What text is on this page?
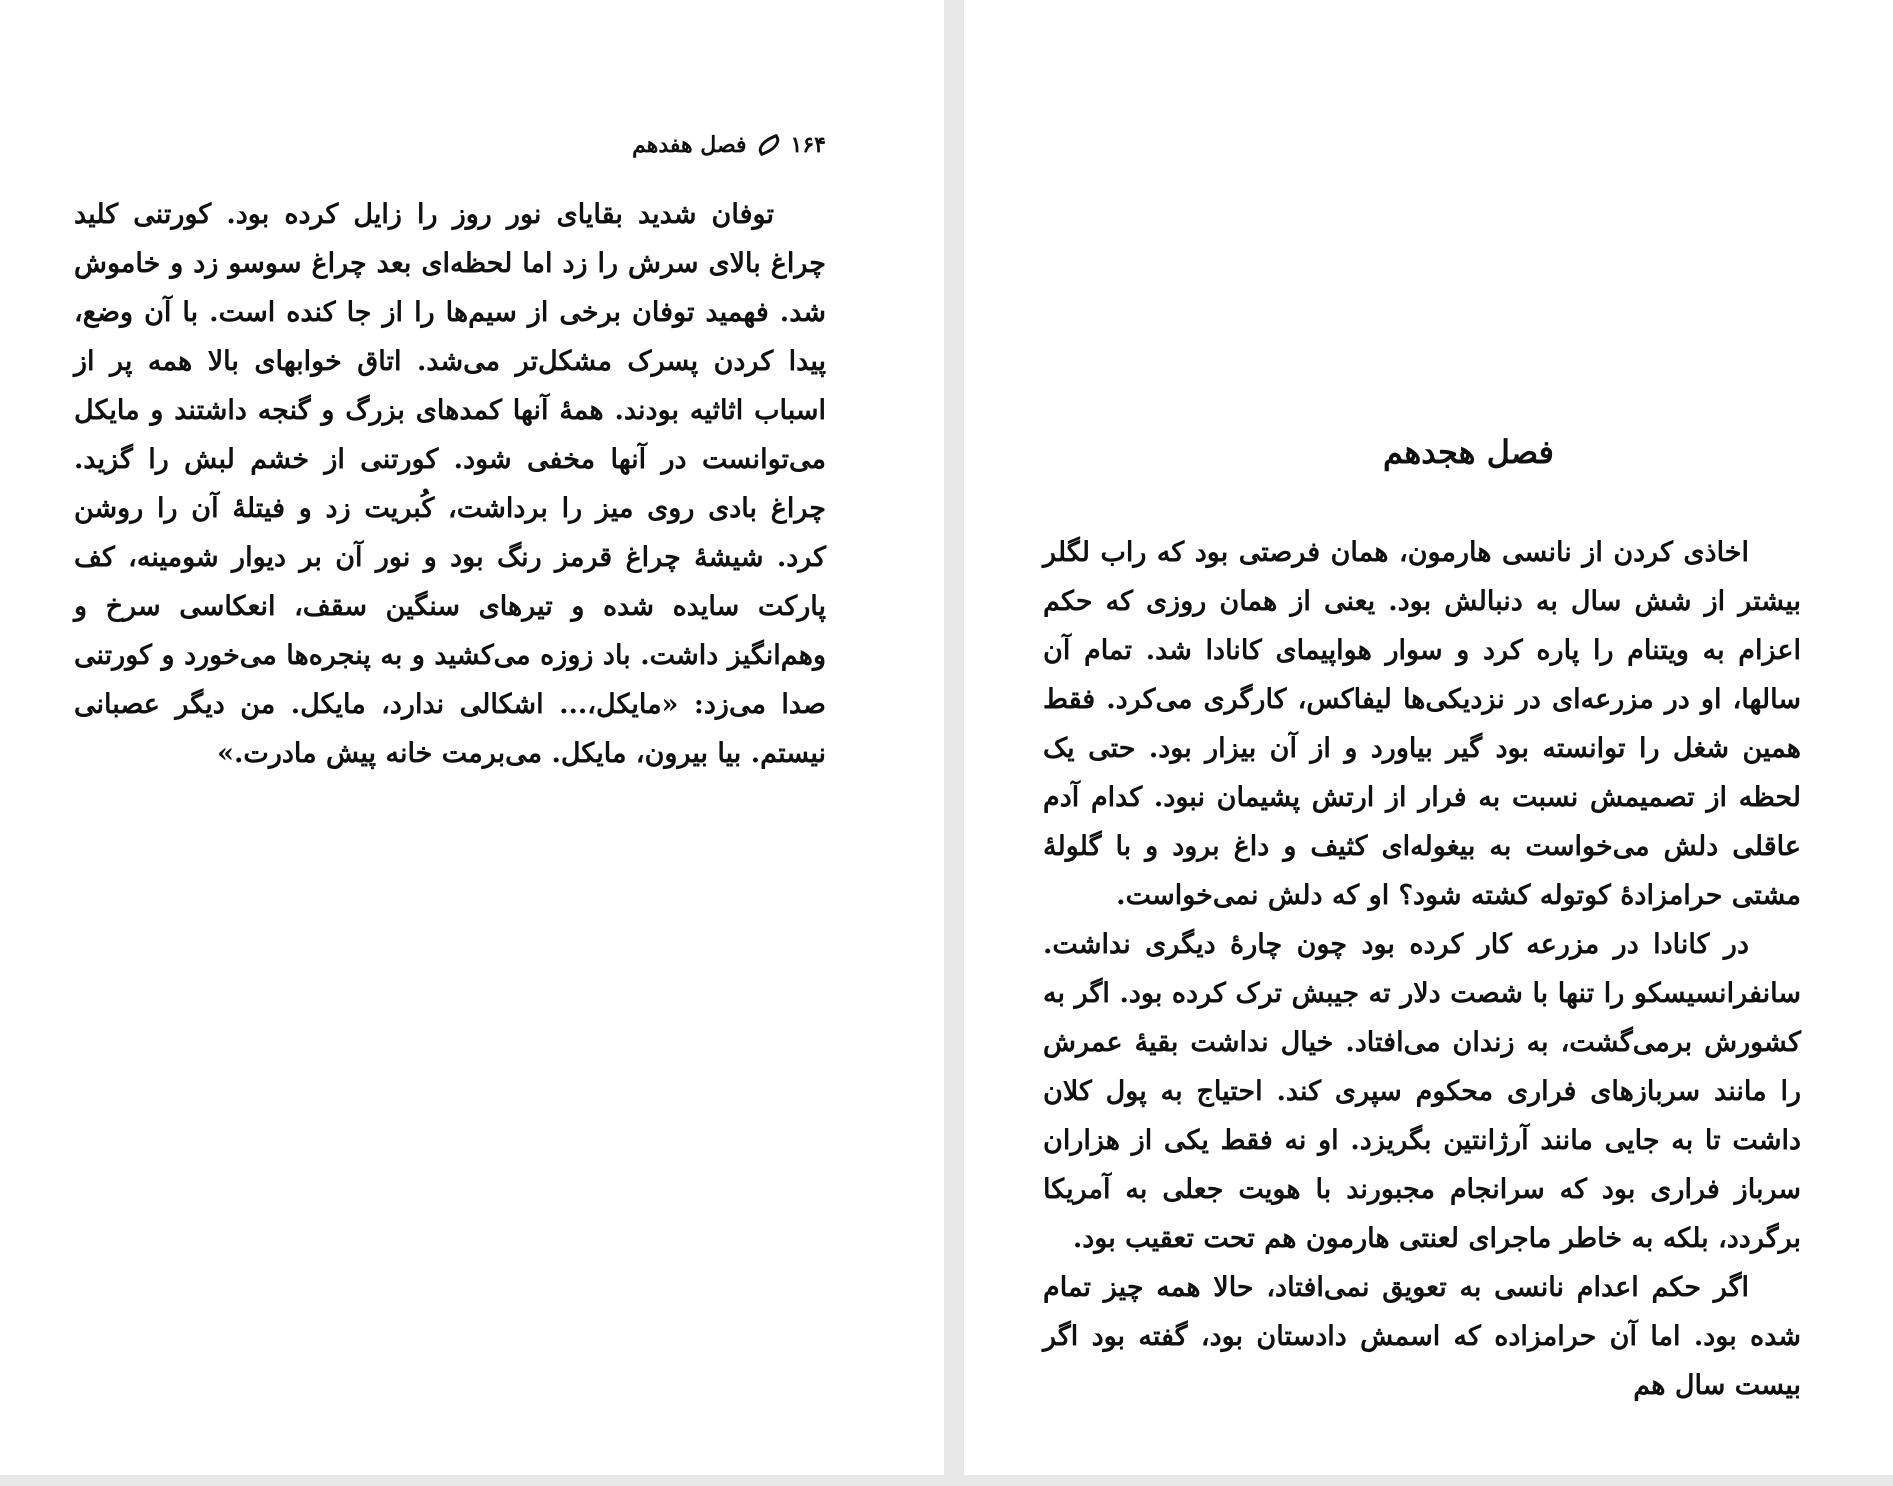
۱۶۴
فصل هفدهم

توفان شدید بقایای نور روز را زایل کرده بود. کورتنی کلید چراغ بالای سرش را زد اما لحظه‌ای بعد چراغ سوسو زد و خاموش شد. فهمید توفان برخی از سیم‌ها را از جا کنده است. با آن وضع، پیدا کردن پسرک مشکل‌تر می‌شد. اتاق خوابهای بالا همه پر از اسباب اثاثیه بودند. همهٔ آنها کمدهای بزرگ و گنجه داشتند و مایکل می‌توانست در آنها مخفی شود. کورتنی از خشم لبش را گزید. چراغ بادی روی میز را برداشت، کُبریت زد و فیتلهٔ آن را روشن کرد. شیشهٔ چراغ قرمز رنگ بود و نور آن بر دیوار شومینه، کف پارکت سایده شده و تیرهای سنگین سقف، انعکاسی سرخ و وهم‌انگیز داشت. باد زوزه می‌کشید و به پنجره‌ها می‌خورد و کورتنی صدا می‌زد: «مایکل،... اشکالی ندارد، مایکل. من دیگر عصبانی نیستم. بیا بیرون، مایکل. می‌برمت خانه پیش مادرت.»

فصل هجدهم

اخاذی کردن از نانسی هارمون، همان فرصتی بود که راب لگلر بیشتر از شش سال به دنبالش بود. یعنی از همان روزی که حکم اعزام به ویتنام را پاره کرد و سوار هواپیمای کانادا شد. تمام آن سالها، او در مزرعه‌ای در نزدیکی‌ها لیفاکس، کارگری می‌کرد. فقط همین شغل را توانسته بود گیر بیاورد و از آن بیزار بود. حتی یک لحظه از تصمیمش نسبت به فرار از ارتش پشیمان نبود. کدام آدم عاقلی دلش می‌خواست به بیغوله‌ای کثیف و داغ برود و با گلولهٔ مشتی حرامزادهٔ کوتوله کشته شود؟ او که دلش نمی‌خواست.

در کانادا در مزرعه کار کرده بود چون چارهٔ دیگری نداشت. سانفرانسیسکو را تنها با شصت دلار ته جیبش ترک کرده بود. اگر به کشورش برمی‌گشت، به زندان می‌افتاد. خیال نداشت بقیهٔ عمرش را مانند سربازهای فراری محکوم سپری کند. احتیاج به پول کلان داشت تا به جایی مانند آرژانتین بگریزد. او نه فقط یکی از هزاران سرباز فراری بود که سرانجام مجبورند با هویت جعلی به آمریکا برگردد، بلکه به خاطر ماجرای لعنتی هارمون هم تحت تعقیب بود.

اگر حکم اعدام نانسی به تعویق نمی‌افتاد، حالا همه چیز تمام شده بود. اما آن حرامزاده که اسمش دادستان بود، گفته بود اگر بیست سال هم
